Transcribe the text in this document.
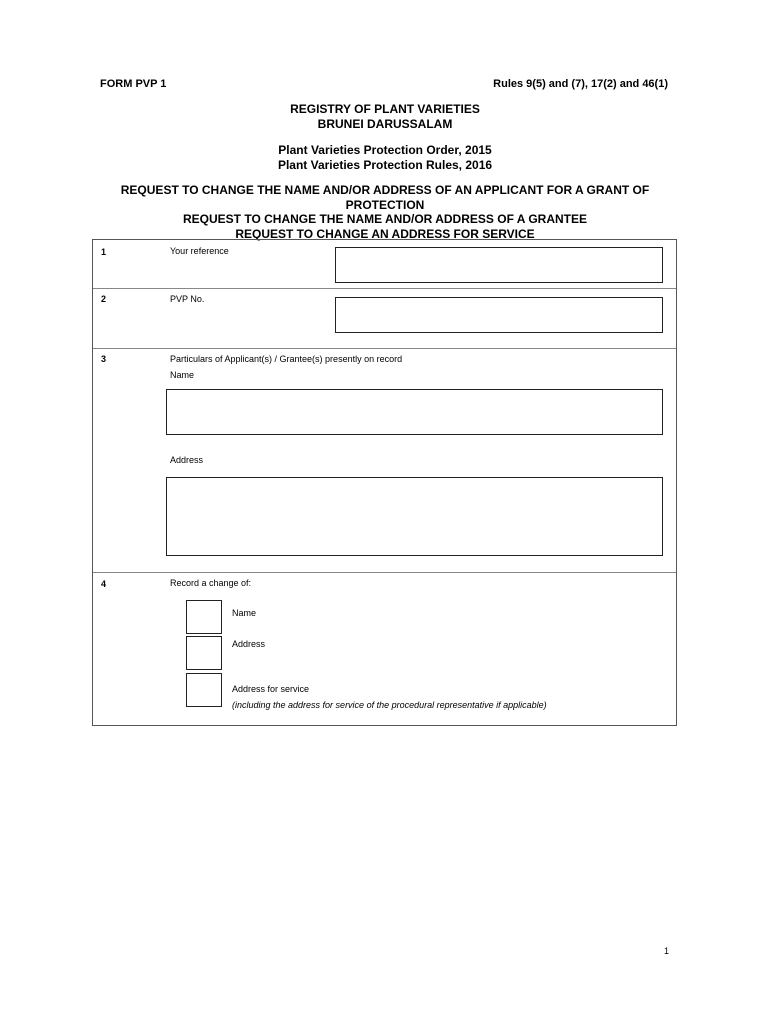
FORM PVP 1	Rules 9(5) and (7), 17(2) and 46(1)
REGISTRY OF PLANT VARIETIES
BRUNEI DARUSSALAM
Plant Varieties Protection Order, 2015
Plant Varieties Protection Rules, 2016
REQUEST TO CHANGE THE NAME AND/OR ADDRESS OF AN APPLICANT FOR A GRANT OF
PROTECTION
REQUEST TO CHANGE THE NAME AND/OR ADDRESS OF A GRANTEE
REQUEST TO CHANGE AN ADDRESS FOR SERVICE
1	Your reference
2	PVP No.
3	Particulars of Applicant(s) / Grantee(s) presently on record
Name
Address
4	Record a change of:
Name
Address
Address for service
(including the address for service of the procedural representative if applicable)
1
